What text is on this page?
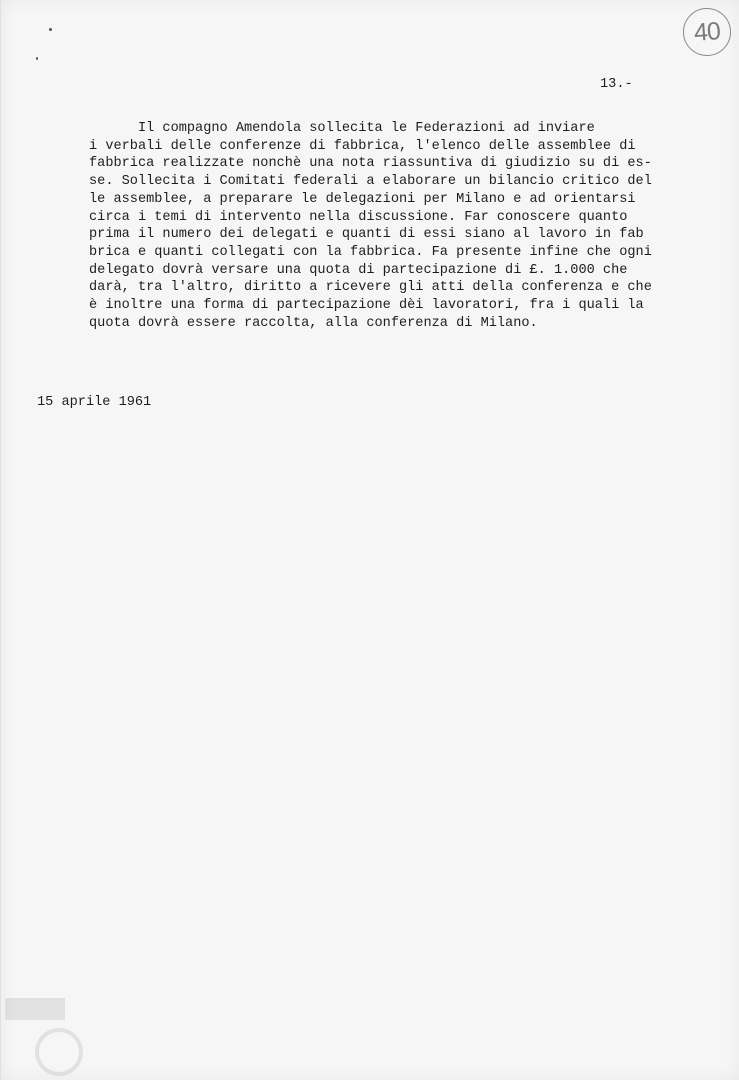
40
13.-
Il compagno Amendola sollecita le Federazioni ad inviare
i verbali delle conferenze di fabbrica, l'elenco delle assemblee di
fabbrica realizzate nonchè una nota riassuntiva di giudizio su di es-
se. Sollecita i Comitati federali a elaborare un bilancio critico del
le assemblee, a preparare le delegazioni per Milano e ad orientarsi
circa i temi di intervento nella discussione. Far conoscere quanto
prima il numero dei delegati e quanti di essi siano al lavoro in fab
brica e quanti collegati con la fabbrica. Fa presente infine che ogni
delegato dovrà versare una quota di partecipazione di £. 1.000 che
darà, tra l'altro, diritto a ricevere gli atti della conferenza e che
è inoltre una forma di partecipazione dèi lavoratori, fra i quali la
quota dovrà essere raccolta, alla conferenza di Milano.
15 aprile 1961
